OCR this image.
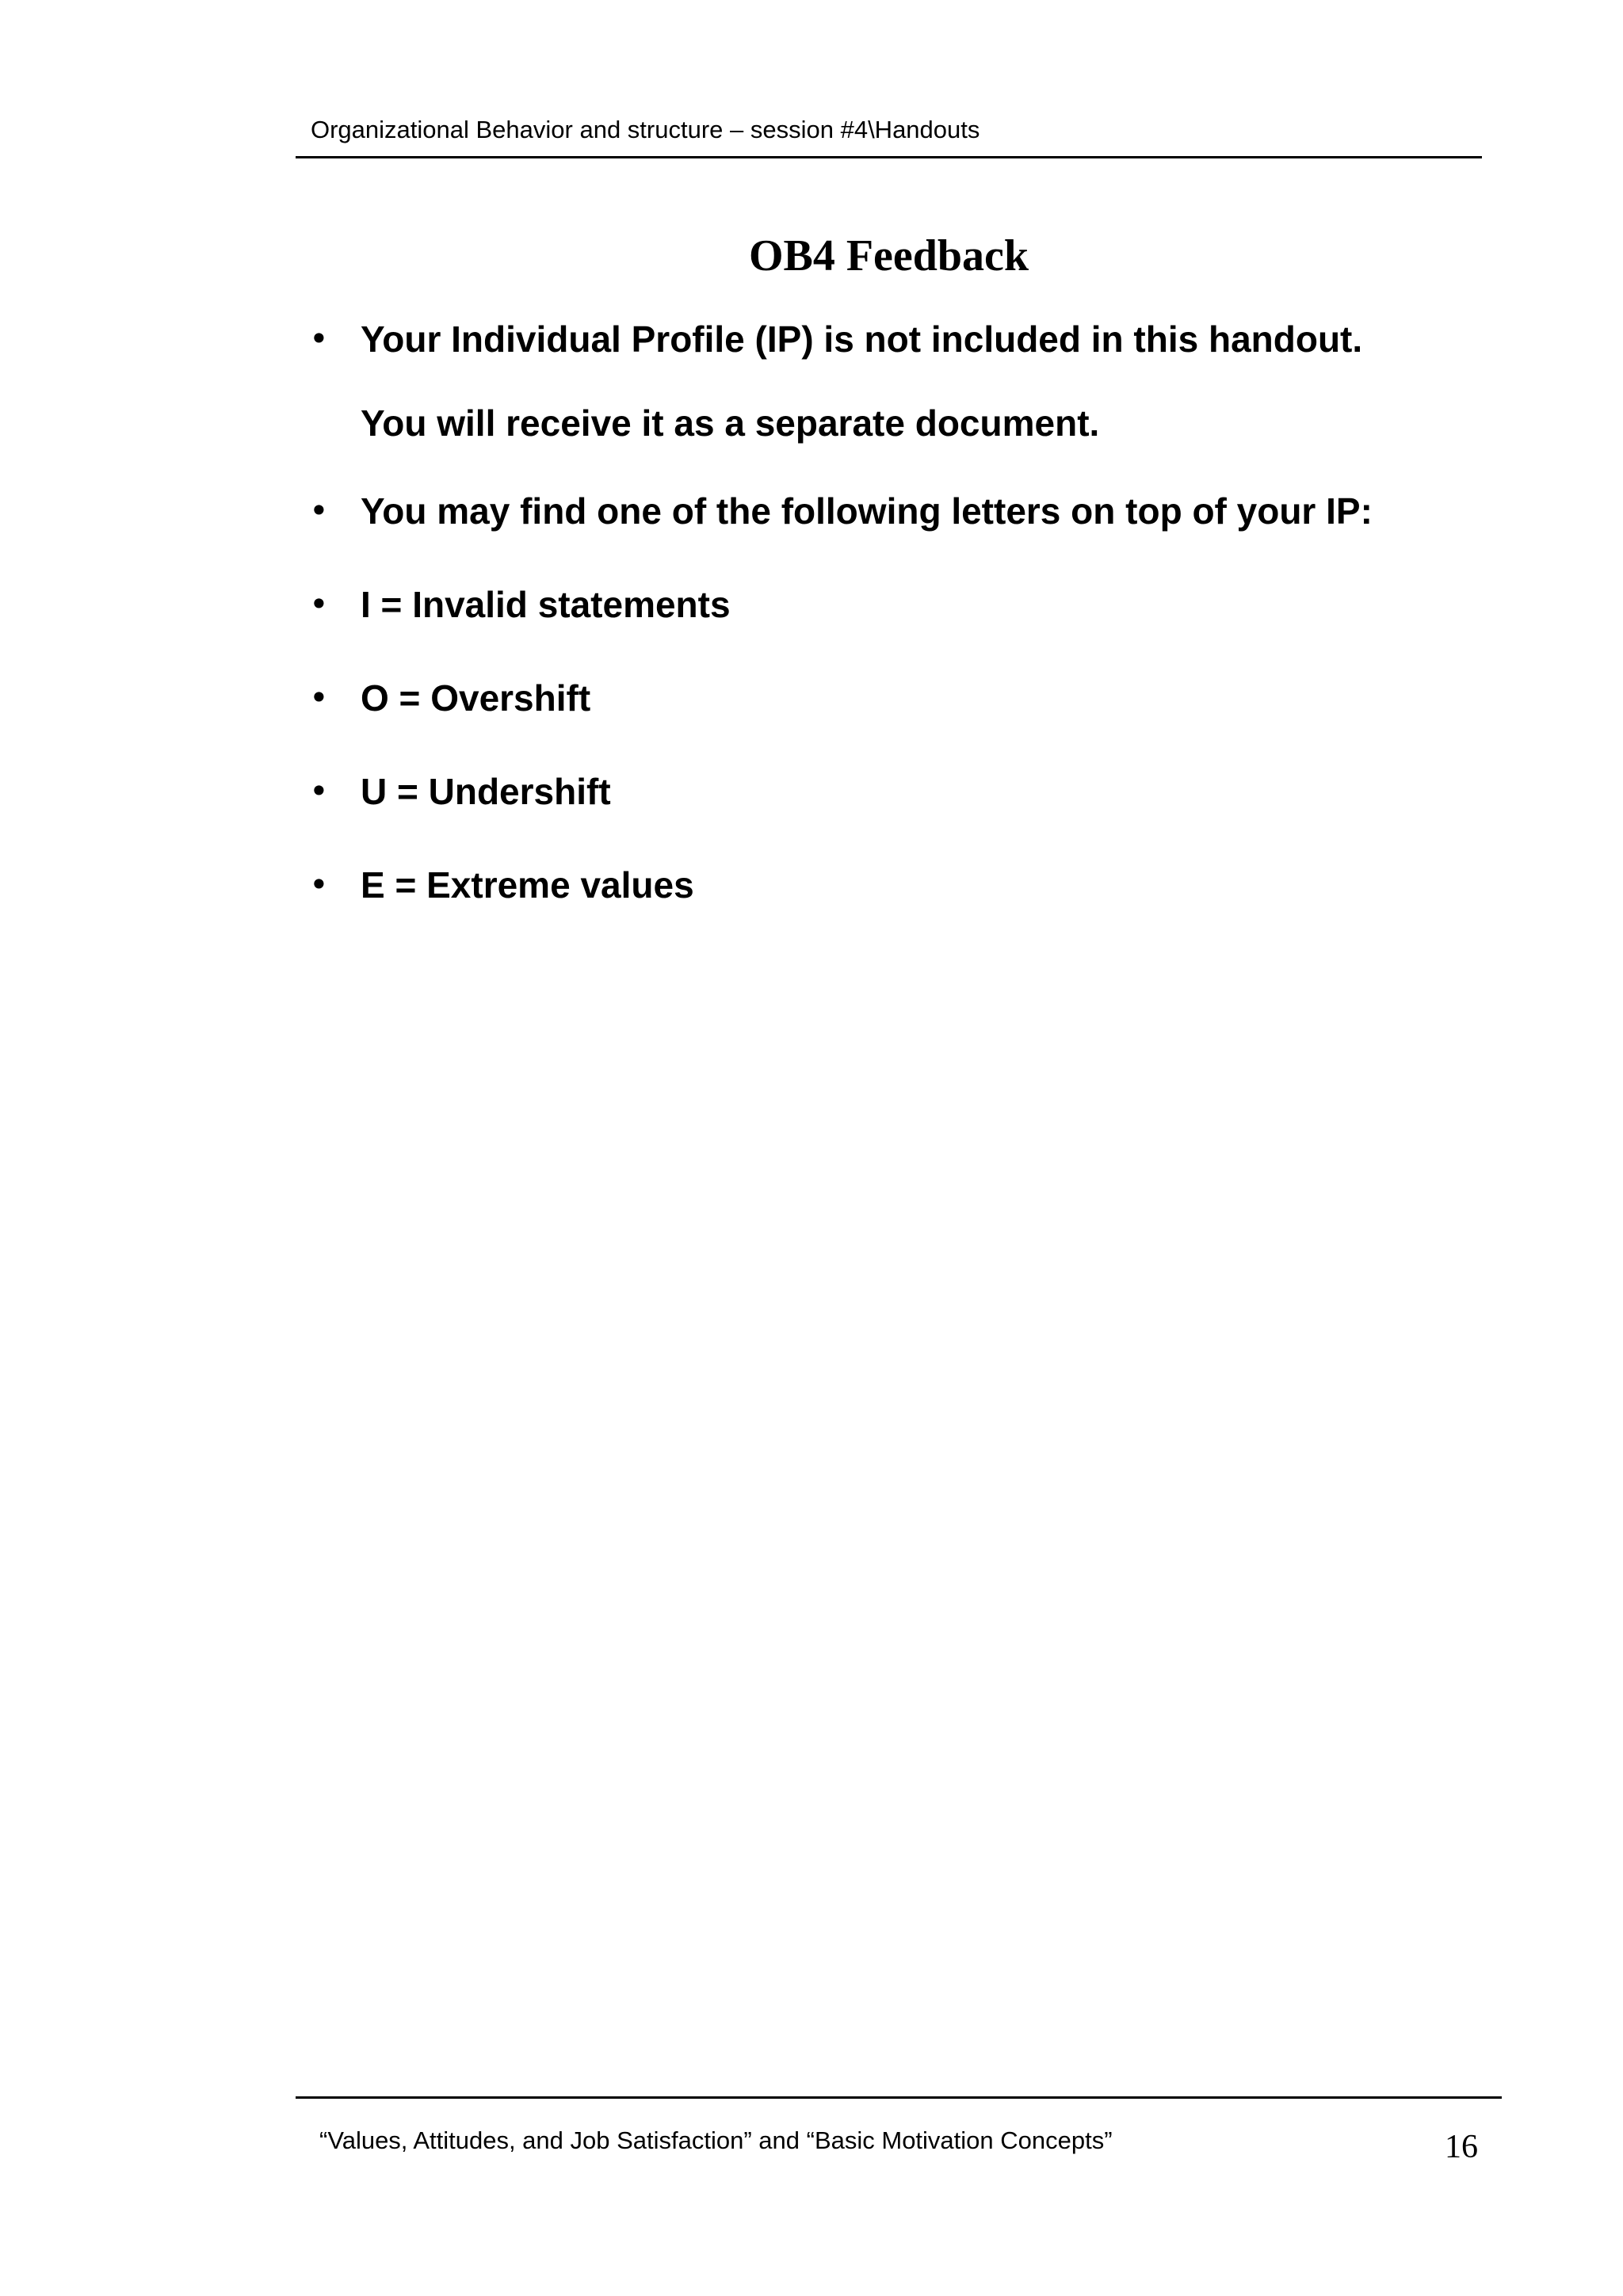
Organizational Behavior and structure – session #4\Handouts
OB4 Feedback
• Your Individual Profile (IP) is not included in this handout.
You will receive it as a separate document.
• You may find one of the following letters on top of your IP:
• I = Invalid statements
• O = Overshift
• U = Undershift
• E = Extreme values
“Values, Attitudes, and Job Satisfaction” and “Basic Motivation Concepts”	16
